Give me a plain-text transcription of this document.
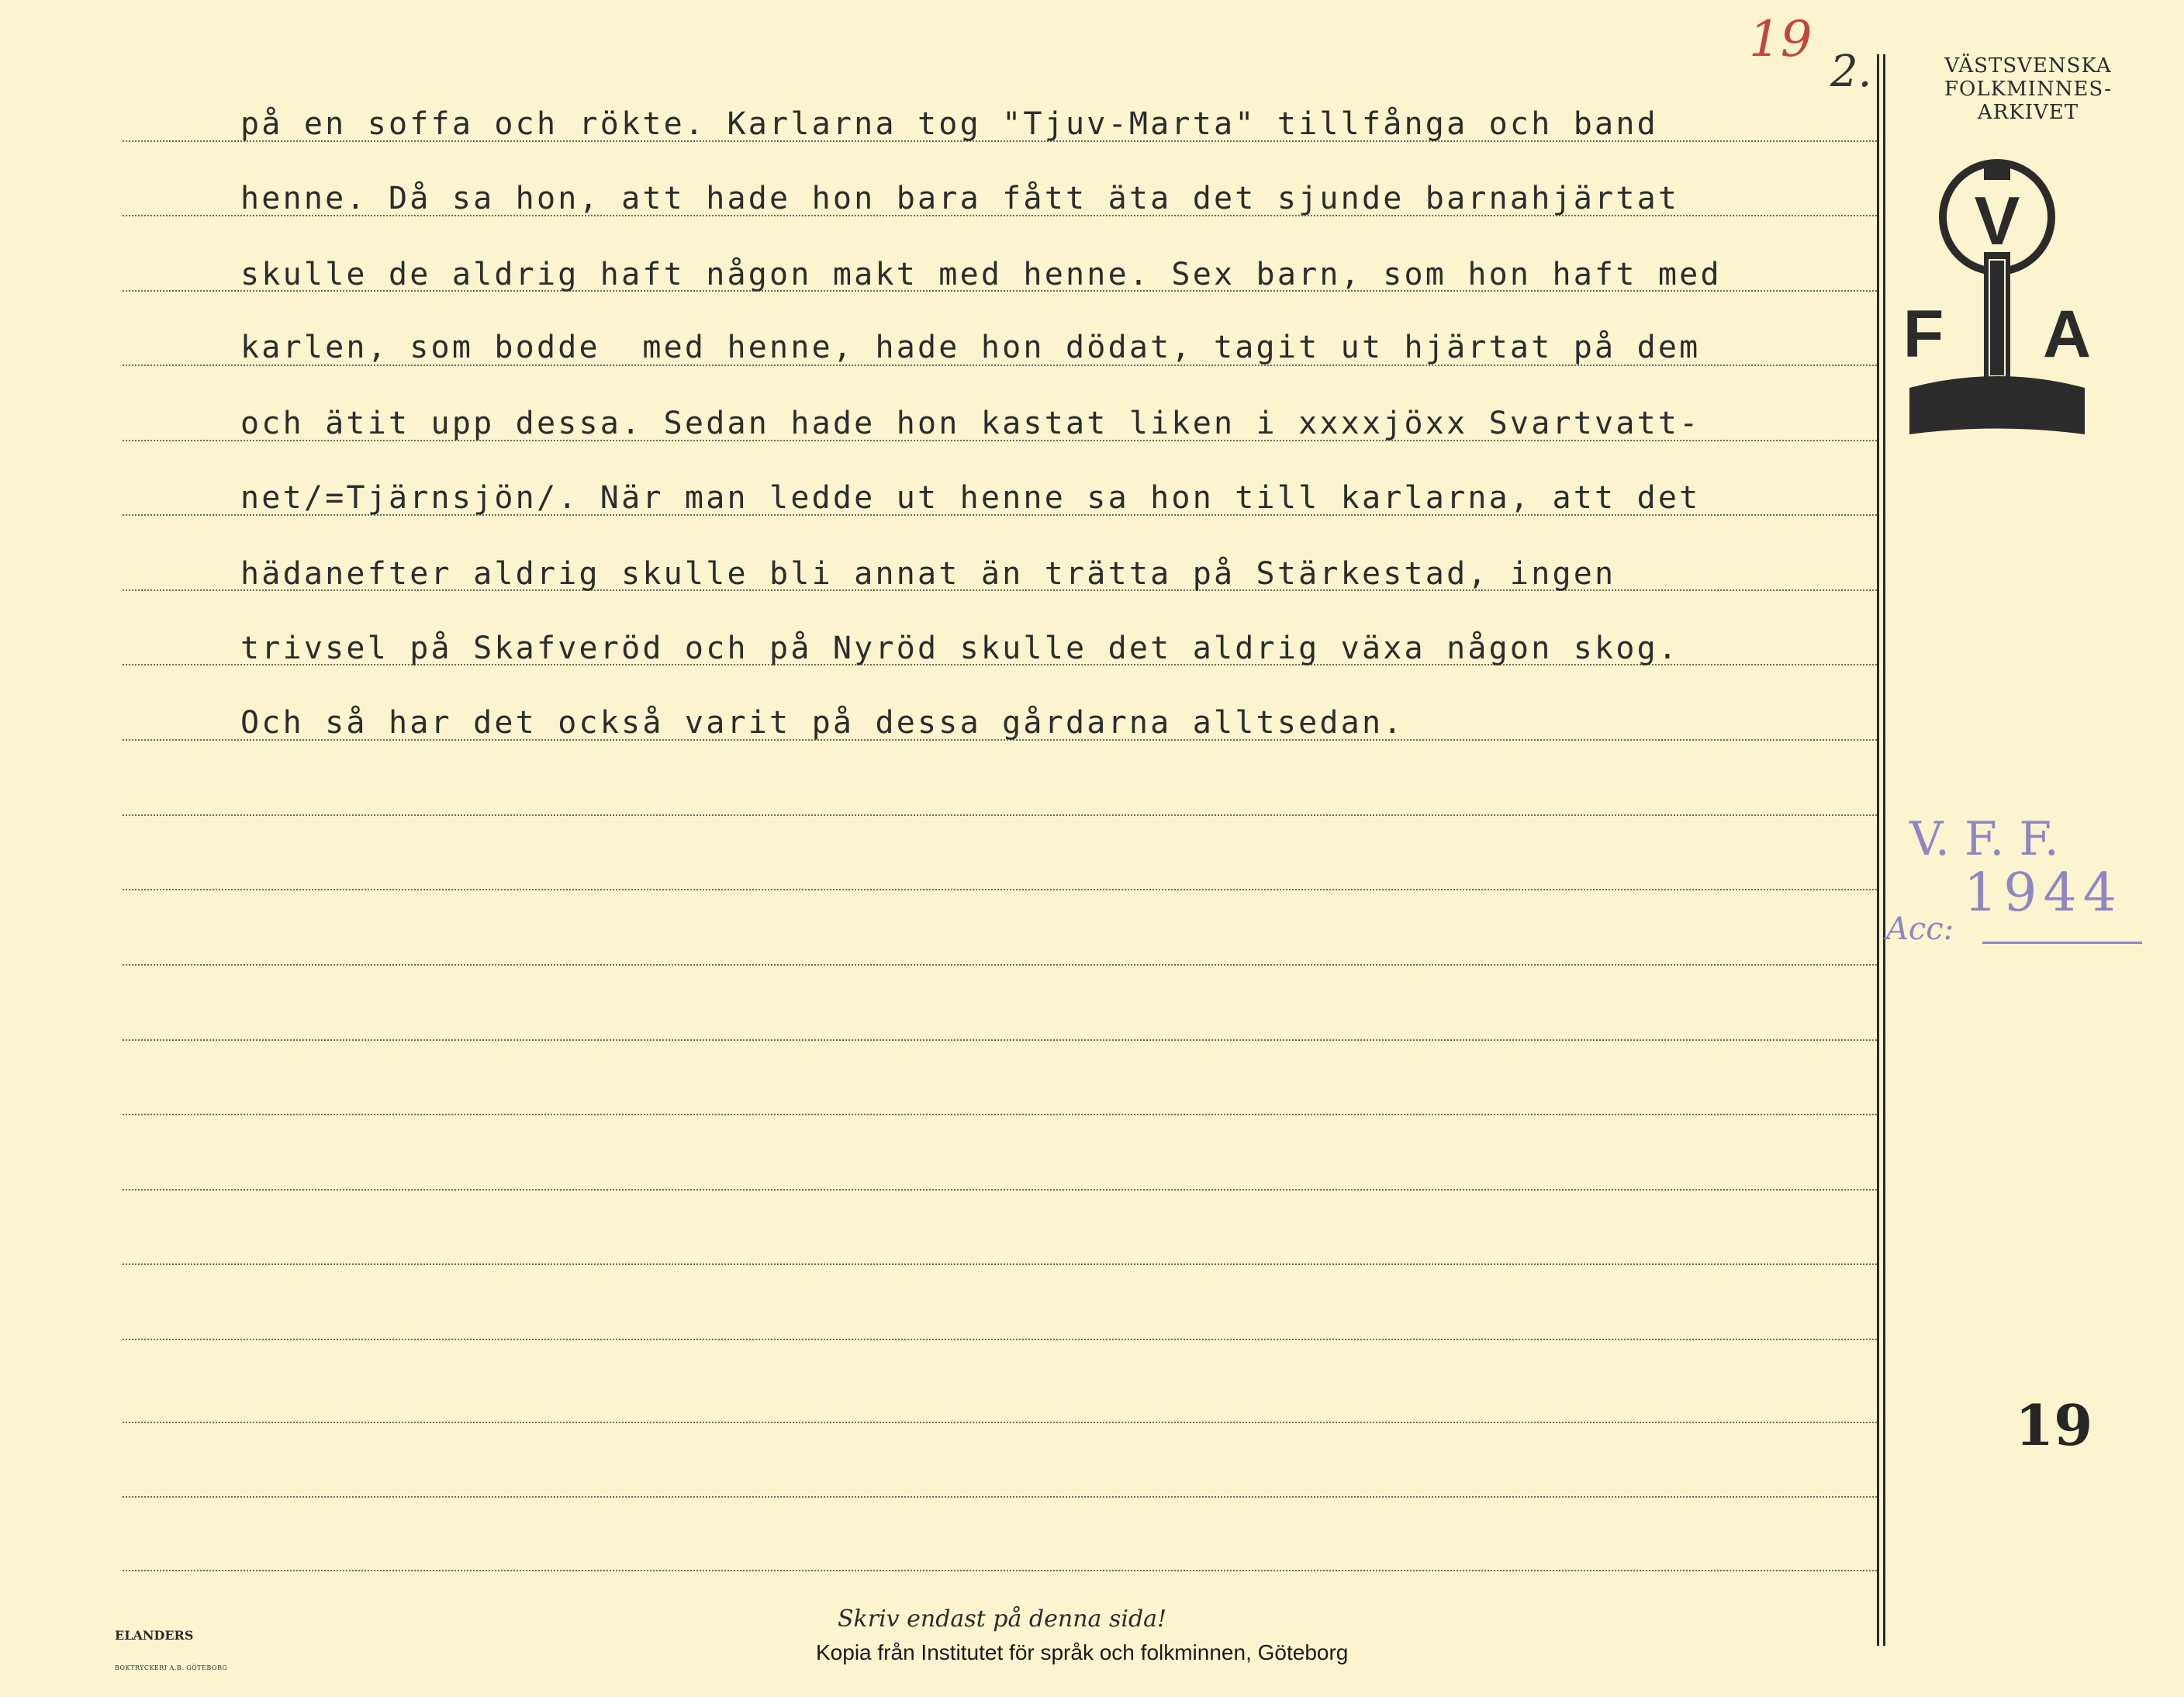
19
2.	VÄSTSVENSKA
FOLKMINNES-
ARKIVET
V
F A
på en soffa och rökte. Karlarna tog "Tjuv-Marta" tillfånga och band
henne. Då sa hon, att hade hon bara fått äta det sjunde barnahjärtat
skulle de aldrig haft någon makt med henne. Sex barn, som hon haft med
karlen, som bodde  med henne, hade hon dödat, tagit ut hjärtat på dem
och ätit upp dessa. Sedan hade hon kastat liken i xxxxjöxx Svartvatt-
net/=Tjärnsjön/. När man ledde ut henne sa hon till karlarna, att det
hädanefter aldrig skulle bli annat än trätta på Stärkestad, ingen
trivsel på Skafveröd och på Nyröd skulle det aldrig växa någon skog.
Och så har det också varit på dessa gårdarna alltsedan.
V. F. F.
1944
Acc:
19

ELANDERS

BOKTRYCKERI A.B. GÖTEBORG

Skriv endast på denna sida!
Kopia från Institutet för språk och folkminnen, Göteborg
